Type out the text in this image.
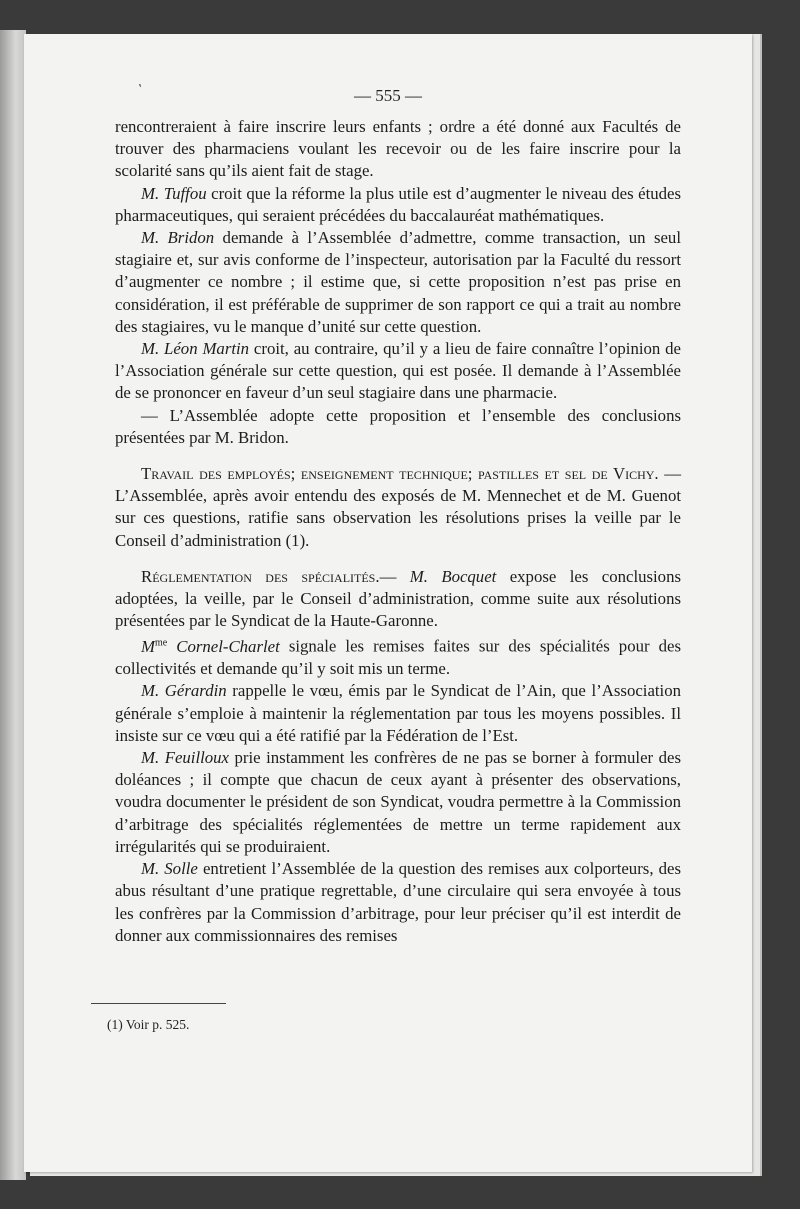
ʽ	— 555 —

rencontreraient à faire inscrire leurs enfants ; ordre a été donné aux Facultés de trouver des pharmaciens voulant les recevoir ou de les faire inscrire pour la scolarité sans qu’ils aient fait de stage.

M. Tuffou croit que la réforme la plus utile est d’augmenter le niveau des études pharmaceutiques, qui seraient précédées du baccalauréat mathématiques.

M. Bridon demande à l’Assemblée d’admettre, comme transaction, un seul stagiaire et, sur avis conforme de l’inspecteur, autorisation par la Faculté du ressort d’augmenter ce nombre ; il estime que, si cette proposition n’est pas prise en considération, il est préférable de supprimer de son rapport ce qui a trait au nombre des stagiaires, vu le manque d’unité sur cette question.

M. Léon Martin croit, au contraire, qu’il y a lieu de faire connaître l’opinion de l’Association générale sur cette question, qui est posée. Il demande à l’Assemblée de se prononcer en faveur d’un seul stagiaire dans une pharmacie.

— L’Assemblée adopte cette proposition et l’ensemble des conclusions présentées par M. Bridon.

Travail des employés; enseignement technique; pastilles et sel de Vichy. — L’Assemblée, après avoir entendu des exposés de M. Mennechet et de M. Guenot sur ces questions, ratifie sans observation les résolutions prises la veille par le Conseil d’administration (1).

Réglementation des spécialités.— M. Bocquet expose les conclusions adoptées, la veille, par le Conseil d’administration, comme suite aux résolutions présentées par le Syndicat de la Haute-Garonne.

$M^{me}$ Cornel-Charlet signale les remises faites sur des spécialités pour des collectivités et demande qu’il y soit mis un terme.

M. Gérardin rappelle le vœu, émis par le Syndicat de l’Ain, que l’Association générale s’emploie à maintenir la réglementation par tous les moyens possibles. Il insiste sur ce vœu qui a été ratifié par la Fédération de l’Est.

M. Feuilloux prie instamment les confrères de ne pas se borner à formuler des doléances ; il compte que chacun de ceux ayant à présenter des observations, voudra documenter le président de son Syndicat, voudra permettre à la Commission d’arbitrage des spécialités réglementées de mettre un terme rapidement aux irrégularités qui se produiraient.

M. Solle entretient l’Assemblée de la question des remises aux colporteurs, des abus résultant d’une pratique regrettable, d’une circulaire qui sera envoyée à tous les confrères par la Commission d’arbitrage, pour leur préciser qu’il est interdit de donner aux commissionnaires des remises

(1) Voir p. 525.
